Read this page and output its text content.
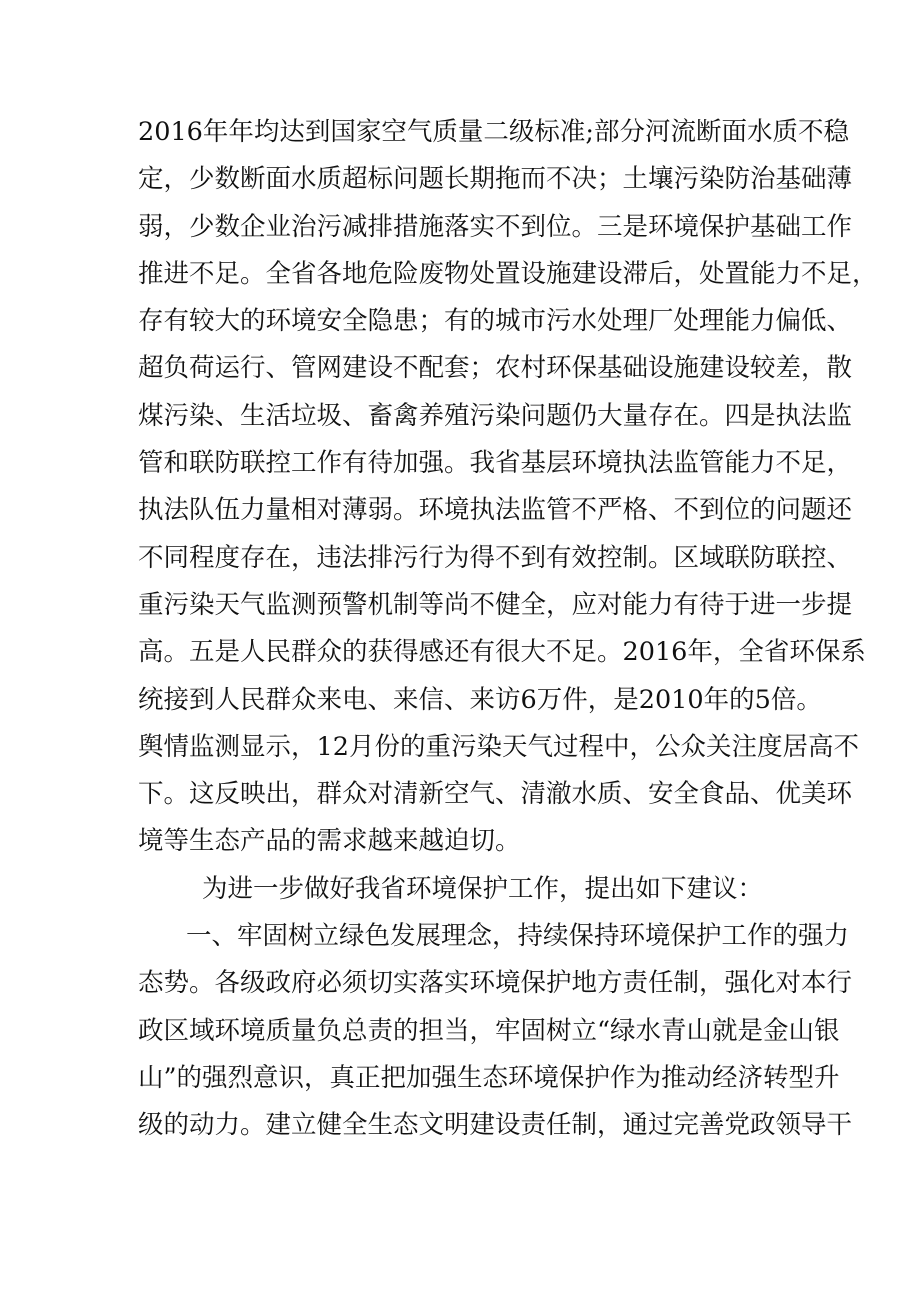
2016年年均达到国家空气质量二级标准;部分河流断面水质不稳
定，少数断面水质超标问题长期拖而不决；土壤污染防治基础薄
弱，少数企业治污减排措施落实不到位。三是环境保护基础工作
推进不足。全省各地危险废物处置设施建设滞后，处置能力不足，
存有较大的环境安全隐患；有的城市污水处理厂处理能力偏低、
超负荷运行、管网建设不配套；农村环保基础设施建设较差，散
煤污染、生活垃圾、畜禽养殖污染问题仍大量存在。四是执法监
管和联防联控工作有待加强。我省基层环境执法监管能力不足，
执法队伍力量相对薄弱。环境执法监管不严格、不到位的问题还
不同程度存在，违法排污行为得不到有效控制。区域联防联控、
重污染天气监测预警机制等尚不健全，应对能力有待于进一步提
高。五是人民群众的获得感还有很大不足。2016年，全省环保系
统接到人民群众来电、来信、来访6万件，是2010年的5倍。
舆情监测显示，12月份的重污染天气过程中，公众关注度居高不
下。这反映出，群众对清新空气、清澈水质、安全食品、优美环
境等生态产品的需求越来越迫切。
为进一步做好我省环境保护工作，提出如下建议：
一、牢固树立绿色发展理念，持续保持环境保护工作的强力
态势。各级政府必须切实落实环境保护地方责任制，强化对本行
政区域环境质量负总责的担当，牢固树立“绿水青山就是金山银
山”的强烈意识，真正把加强生态环境保护作为推动经济转型升
级的动力。建立健全生态文明建设责任制，通过完善党政领导干
